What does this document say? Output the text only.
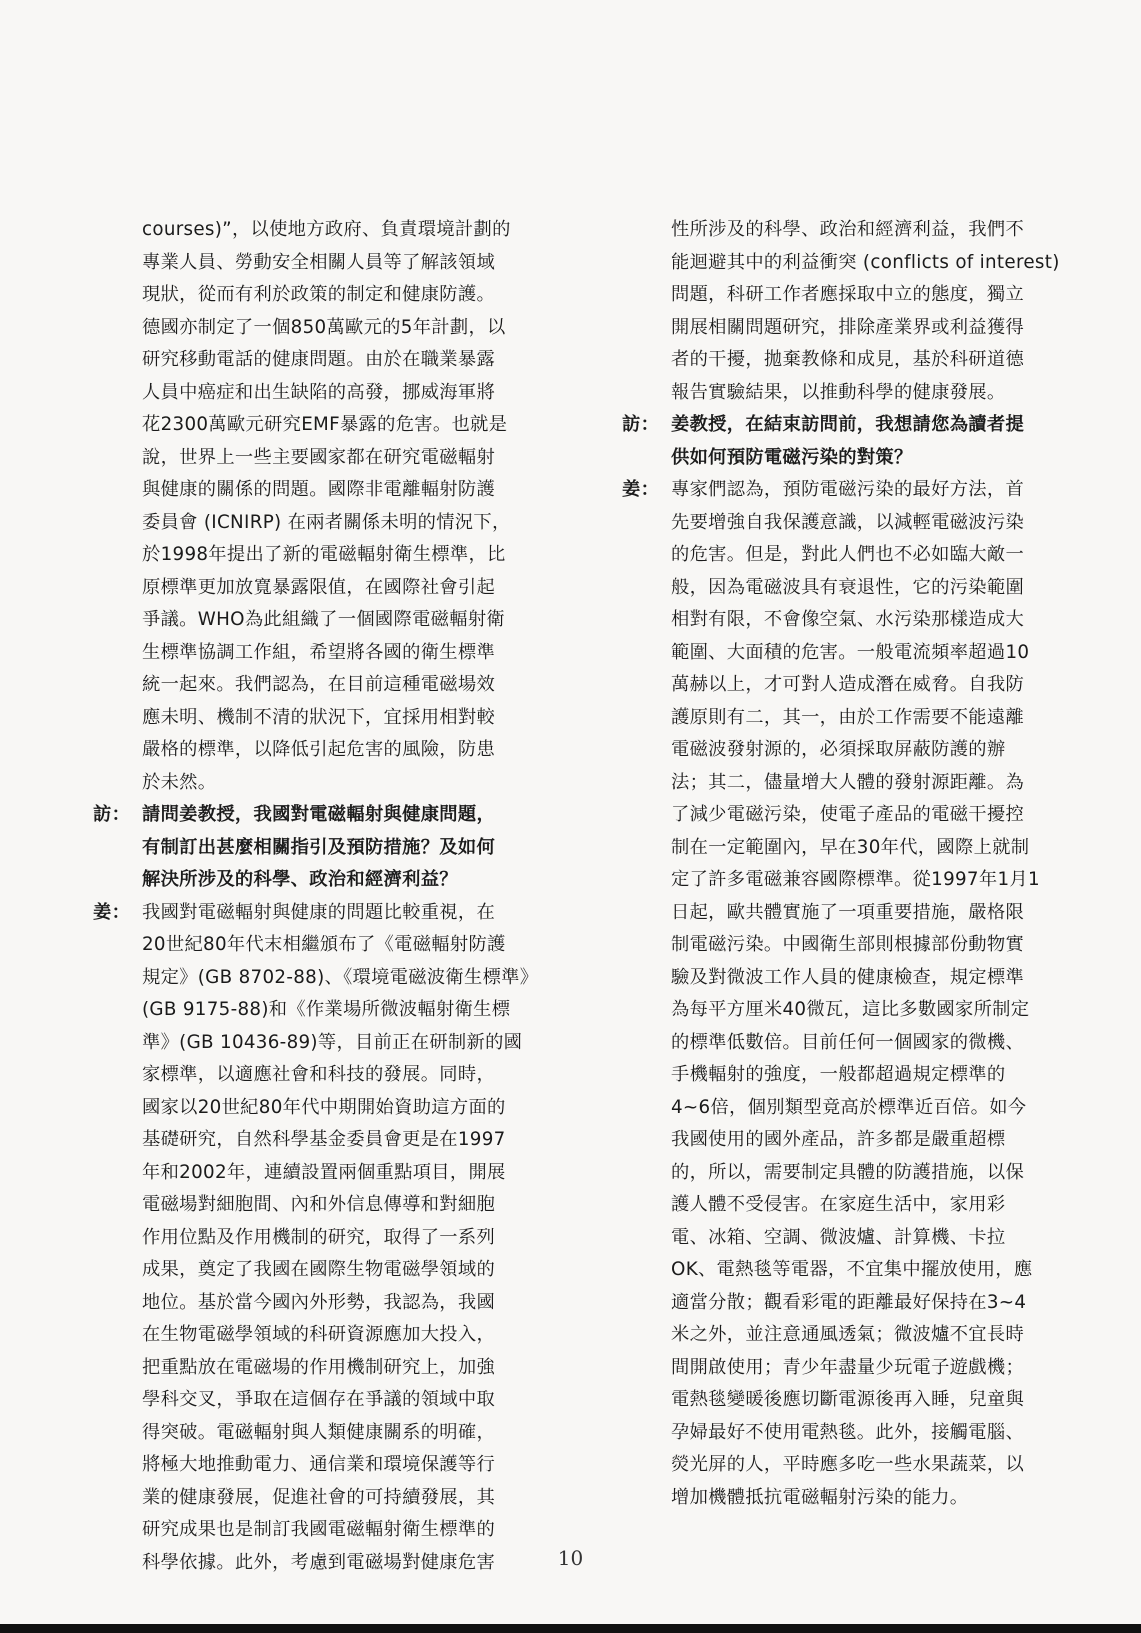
courses)”，以使地方政府、負責環境計劃的
專業人員、勞動安全相關人員等了解該領域
現狀，從而有利於政策的制定和健康防護。
德國亦制定了一個850萬歐元的5年計劃，以
研究移動電話的健康問題。由於在職業暴露
人員中癌症和出生缺陷的高發，挪威海軍將
花2300萬歐元研究EMF暴露的危害。也就是
說，世界上一些主要國家都在研究電磁輻射
與健康的關係的問題。國際非電離輻射防護
委員會 (ICNIRP) 在兩者關係未明的情況下，
於1998年提出了新的電磁輻射衛生標準，比
原標準更加放寬暴露限值，在國際社會引起
爭議。WHO為此組織了一個國際電磁輻射衛
生標準協調工作組，希望將各國的衛生標準
統一起來。我們認為，在目前這種電磁場效
應未明、機制不清的狀況下，宜採用相對較
嚴格的標準，以降低引起危害的風險，防患
於未然。
訪： 請問姜教授，我國對電磁輻射與健康問題，
有制訂出甚麼相關指引及預防措施？及如何
解決所涉及的科學、政治和經濟利益？
姜： 我國對電磁輻射與健康的問題比較重視，在
20世紀80年代末相繼頒布了《電磁輻射防護
規定》(GB 8702-88)、《環境電磁波衛生標準》
(GB 9175-88)和《作業場所微波輻射衛生標
準》(GB 10436-89)等，目前正在研制新的國
家標準，以適應社會和科技的發展。同時，
國家以20世紀80年代中期開始資助這方面的
基礎研究，自然科學基金委員會更是在1997
年和2002年，連續設置兩個重點項目，開展
電磁場對細胞間、內和外信息傳導和對細胞
作用位點及作用機制的研究，取得了一系列
成果，奠定了我國在國際生物電磁學領域的
地位。基於當今國內外形勢，我認為，我國
在生物電磁學領域的科研資源應加大投入，
把重點放在電磁場的作用機制研究上，加強
學科交叉，爭取在這個存在爭議的領域中取
得突破。電磁輻射與人類健康關系的明確，
將極大地推動電力、通信業和環境保護等行
業的健康發展，促進社會的可持續發展，其
研究成果也是制訂我國電磁輻射衛生標準的
科學依據。此外，考慮到電磁場對健康危害
性所涉及的科學、政治和經濟利益，我們不
能迴避其中的利益衝突 (conflicts of interest)
問題，科研工作者應採取中立的態度，獨立
開展相關問題研究，排除產業界或利益獲得
者的干擾，拋棄教條和成見，基於科研道德
報告實驗結果，以推動科學的健康發展。
訪： 姜教授，在結束訪問前，我想請您為讀者提
供如何預防電磁污染的對策？
姜： 專家們認為，預防電磁污染的最好方法，首
先要增強自我保護意識，以減輕電磁波污染
的危害。但是，對此人們也不必如臨大敵一
般，因為電磁波具有衰退性，它的污染範圍
相對有限，不會像空氣、水污染那樣造成大
範圍、大面積的危害。一般電流頻率超過10
萬赫以上，才可對人造成潛在威脅。自我防
護原則有二，其一，由於工作需要不能遠離
電磁波發射源的，必須採取屏蔽防護的辦
法；其二，儘量增大人體的發射源距離。為
了減少電磁污染，使電子產品的電磁干擾控
制在一定範圍內，早在30年代，國際上就制
定了許多電磁兼容國際標準。從1997年1月1
日起，歐共體實施了一項重要措施，嚴格限
制電磁污染。中國衛生部則根據部份動物實
驗及對微波工作人員的健康檢查，規定標準
為每平方厘米40微瓦，這比多數國家所制定
的標準低數倍。目前任何一個國家的微機、
手機輻射的強度，一般都超過規定標準的
4~6倍，個別類型竟高於標準近百倍。如今
我國使用的國外產品，許多都是嚴重超標
的，所以，需要制定具體的防護措施，以保
護人體不受侵害。在家庭生活中，家用彩
電、冰箱、空調、微波爐、計算機、卡拉
OK、電熱毯等電器，不宜集中擺放使用，應
適當分散；觀看彩電的距離最好保持在3~4
米之外，並注意通風透氣；微波爐不宜長時
間開啟使用；青少年盡量少玩電子遊戲機；
電熱毯變暖後應切斷電源後再入睡，兒童與
孕婦最好不使用電熱毯。此外，接觸電腦、
熒光屏的人，平時應多吃一些水果蔬菜，以
增加機體抵抗電磁輻射污染的能力。
10
